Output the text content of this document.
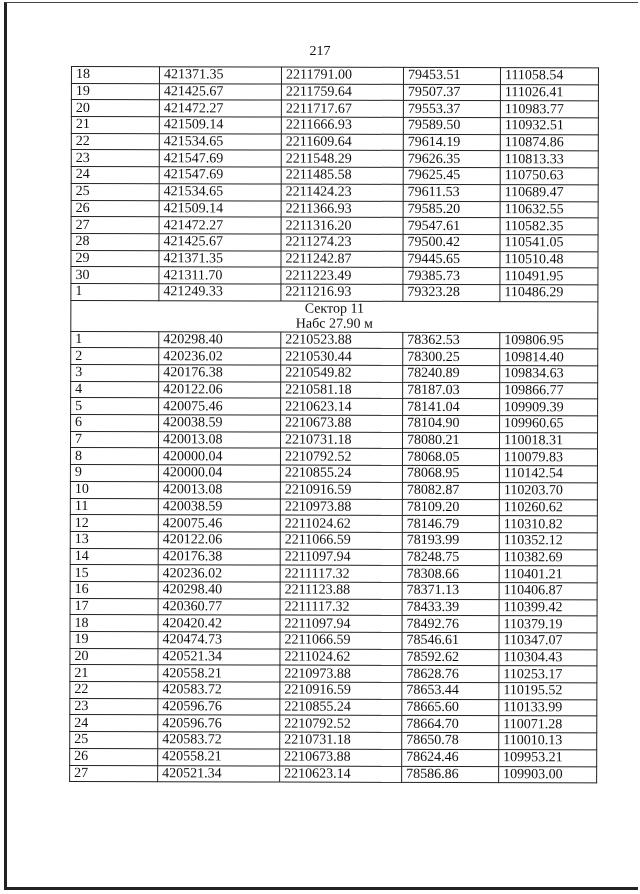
217
18	421371.35	2211791.00	79453.51	111058.54
19	421425.67	2211759.64	79507.37	111026.41
20	421472.27	2211717.67	79553.37	110983.77
21	421509.14	2211666.93	79589.50	110932.51
22	421534.65	2211609.64	79614.19	110874.86
23	421547.69	2211548.29	79626.35	110813.33
24	421547.69	2211485.58	79625.45	110750.63
25	421534.65	2211424.23	79611.53	110689.47
26	421509.14	2211366.93	79585.20	110632.55
27	421472.27	2211316.20	79547.61	110582.35
28	421425.67	2211274.23	79500.42	110541.05
29	421371.35	2211242.87	79445.65	110510.48
30	421311.70	2211223.49	79385.73	110491.95
1	421249.33	2211216.93	79323.28	110486.29

Сектор 11
Набс 27.90 м				

1	420298.40	2210523.88	78362.53	109806.95
2	420236.02	2210530.44	78300.25	109814.40
3	420176.38	2210549.82	78240.89	109834.63
4	420122.06	2210581.18	78187.03	109866.77
5	420075.46	2210623.14	78141.04	109909.39
6	420038.59	2210673.88	78104.90	109960.65
7	420013.08	2210731.18	78080.21	110018.31
8	420000.04	2210792.52	78068.05	110079.83
9	420000.04	2210855.24	78068.95	110142.54
10	420013.08	2210916.59	78082.87	110203.70
11	420038.59	2210973.88	78109.20	110260.62
12	420075.46	2211024.62	78146.79	110310.82
13	420122.06	2211066.59	78193.99	110352.12
14	420176.38	2211097.94	78248.75	110382.69
15	420236.02	2211117.32	78308.66	110401.21
16	420298.40	2211123.88	78371.13	110406.87
17	420360.77	2211117.32	78433.39	110399.42
18	420420.42	2211097.94	78492.76	110379.19
19	420474.73	2211066.59	78546.61	110347.07
20	420521.34	2211024.62	78592.62	110304.43
21	420558.21	2210973.88	78628.76	110253.17
22	420583.72	2210916.59	78653.44	110195.52
23	420596.76	2210855.24	78665.60	110133.99
24	420596.76	2210792.52	78664.70	110071.28
25	420583.72	2210731.18	78650.78	110010.13
26	420558.21	2210673.88	78624.46	109953.21
27	420521.34	2210623.14	78586.86	109903.00
